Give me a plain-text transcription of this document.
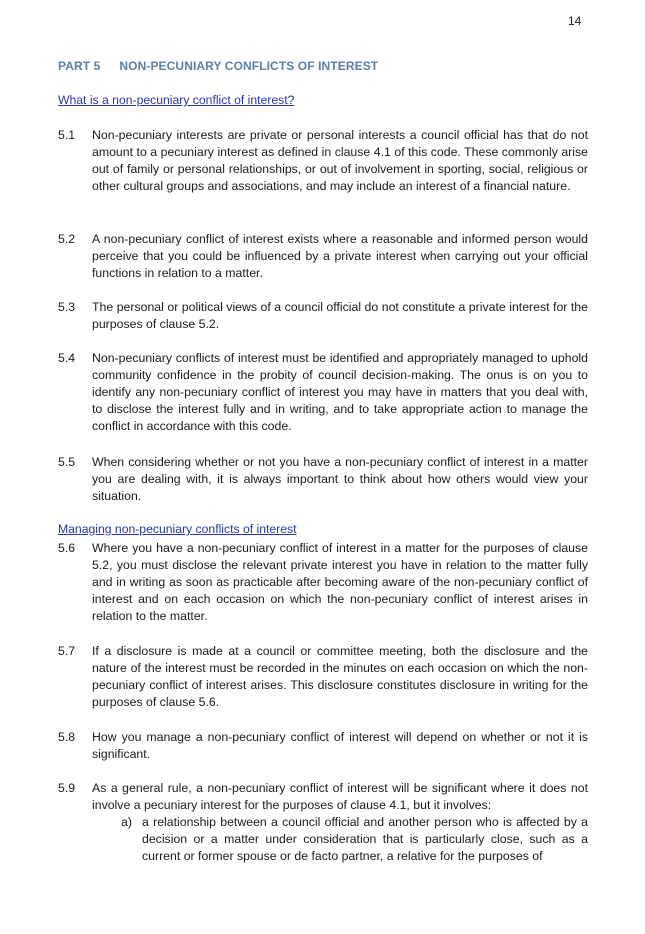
14
PART 5 NON-PECUNIARY CONFLICTS OF INTEREST
What is a non-pecuniary conflict of interest?
5.1 Non-pecuniary interests are private or personal interests a council official has that do not amount to a pecuniary interest as defined in clause 4.1 of this code. These commonly arise out of family or personal relationships, or out of involvement in sporting, social, religious or other cultural groups and associations, and may include an interest of a financial nature.
5.2 A non-pecuniary conflict of interest exists where a reasonable and informed person would perceive that you could be influenced by a private interest when carrying out your official functions in relation to a matter.
5.3 The personal or political views of a council official do not constitute a private interest for the purposes of clause 5.2.
5.4 Non-pecuniary conflicts of interest must be identified and appropriately managed to uphold community confidence in the probity of council decision-making. The onus is on you to identify any non-pecuniary conflict of interest you may have in matters that you deal with, to disclose the interest fully and in writing, and to take appropriate action to manage the conflict in accordance with this code.
5.5 When considering whether or not you have a non-pecuniary conflict of interest in a matter you are dealing with, it is always important to think about how others would view your situation.
Managing non-pecuniary conflicts of interest
5.6 Where you have a non-pecuniary conflict of interest in a matter for the purposes of clause 5.2, you must disclose the relevant private interest you have in relation to the matter fully and in writing as soon as practicable after becoming aware of the non-pecuniary conflict of interest and on each occasion on which the non-pecuniary conflict of interest arises in relation to the matter.
5.7 If a disclosure is made at a council or committee meeting, both the disclosure and the nature of the interest must be recorded in the minutes on each occasion on which the non-pecuniary conflict of interest arises. This disclosure constitutes disclosure in writing for the purposes of clause 5.6.
5.8 How you manage a non-pecuniary conflict of interest will depend on whether or not it is significant.
5.9 As a general rule, a non-pecuniary conflict of interest will be significant where it does not involve a pecuniary interest for the purposes of clause 4.1, but it involves:
a) a relationship between a council official and another person who is affected by a decision or a matter under consideration that is particularly close, such as a current or former spouse or de facto partner, a relative for the purposes of
